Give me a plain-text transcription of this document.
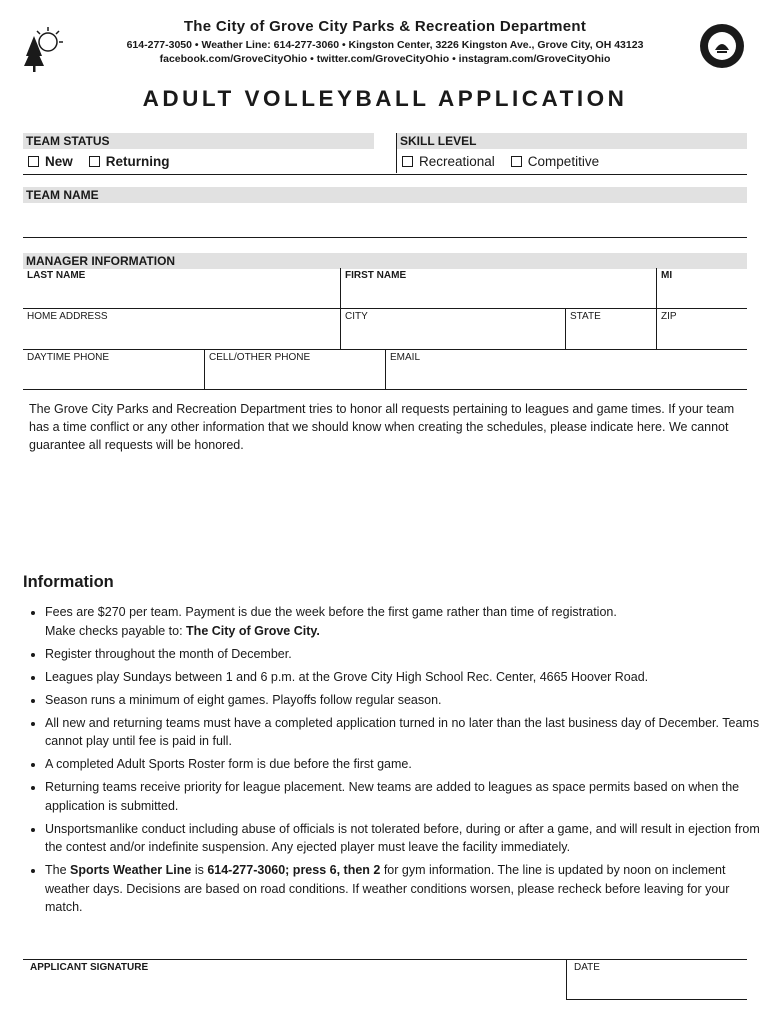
The City of Grove City Parks & Recreation Department
614-277-3050 • Weather Line: 614-277-3060 • Kingston Center, 3226 Kingston Ave., Grove City, OH 43123
facebook.com/GroveCityOhio • twitter.com/GroveCityOhio • instagram.com/GroveCityOhio
ADULT VOLLEYBALL APPLICATION
TEAM STATUS
New Returning
SKILL LEVEL
Recreational Competitive
TEAM NAME
MANAGER INFORMATION
LAST NAME	FIRST NAME	MI
HOME ADDRESS	CITY	STATE	ZIP
DAYTIME PHONE	CELL/OTHER PHONE	EMAIL
The Grove City Parks and Recreation Department tries to honor all requests pertaining to leagues and game times. If your team has a time conflict or any other information that we should know when creating the schedules, please indicate here. We cannot guarantee all requests will be honored.
Information
• Fees are $270 per team. Payment is due the week before the first game rather than time of registration.
Make checks payable to: The City of Grove City.
• Register throughout the month of December.
• Leagues play Sundays between 1 and 6 p.m. at the Grove City High School Rec. Center, 4665 Hoover Road.
• Season runs a minimum of eight games. Playoffs follow regular season.
• All new and returning teams must have a completed application turned in no later than the last business day of December. Teams cannot play until fee is paid in full.
• A completed Adult Sports Roster form is due before the first game.
• Returning teams receive priority for league placement. New teams are added to leagues as space permits based on when the application is submitted.
• Unsportsmanlike conduct including abuse of officials is not tolerated before, during or after a game, and will result in ejection from the contest and/or indefinite suspension. Any ejected player must leave the facility immediately.
• The Sports Weather Line is 614-277-3060; press 6, then 2 for gym information. The line is updated by noon on inclement weather days. Decisions are based on road conditions. If weather conditions worsen, please recheck before leaving for your match.
APPLICANT SIGNATURE	DATE
